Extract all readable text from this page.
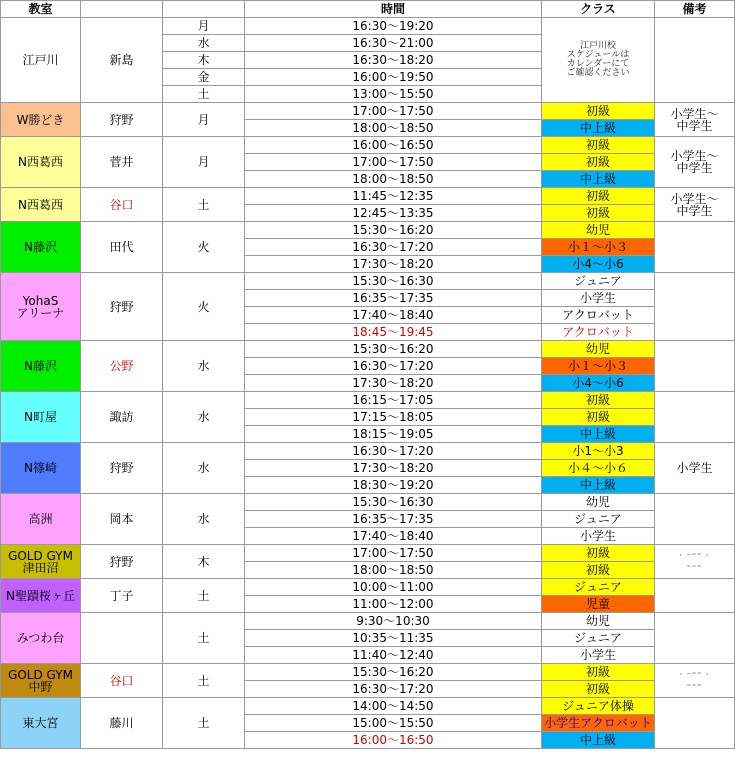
教室			時間	クラス	備考
江戸川	新島	月	16:30～19:20	江戸川校
スケジュールは
カレンダーにて
ご確認ください	
		水	16:30～21:00		
		木	16:30～18:20		
		金	16:00～19:50		
		土	13:00～15:50		
W勝どき	狩野	月	17:00～17:50	初級	小学生～
中学生
			18:00～18:50	中上級	
N西葛西	菅井	月	16:00～16:50	初級	小学生～
中学生
			17:00～17:50	初級	
			18:00～18:50	中上級	
N西葛西	谷口	土	11:45～12:35	初級	小学生～
中学生
			12:45～13:35	初級	
N藤沢	田代	火	15:30～16:20	幼児	
			16:30～17:20	小１～小３	
			17:30～18:20	小4～小6	
YohaS
アリーナ	狩野	火	15:30～16:30	ジュニア	
			16:35～17:35	小学生	
			17:40～18:40	アクロバット	
			18:45～19:45	アクロバット	
N藤沢	公野	水	15:30～16:20	幼児	
			16:30～17:20	小１～小３	
			17:30～18:20	小4～小6	
N町屋	諏訪	水	16:15～17:05	初級	
			17:15～18:05	初級	
			18:15～19:05	中上級	
N篠崎	狩野	水	16:30～17:20	小1～小3	小学生
			17:30～18:20	小４～小６	
			18:30～19:20	中上級	
高洲	岡本	水	15:30～16:30	幼児	
			16:35～17:35	ジュニア	
			17:40～18:40	小学生	
GOLD GYM
津田沼	狩野	木	17:00～17:50	初級	· ⁻⁼⁼ ·
⁼⁼⁼
			18:00～18:50	初級	
N聖蹟桜ヶ丘	丁子	土	10:00～11:00	ジュニア	
			11:00～12:00	児童	
みつわ台		土	9:30～10:30	幼児	
			10:35～11:35	ジュニア	
			11:40～12:40	小学生	
GOLD GYM
中野	谷口	土	15:30～16:20	初級	· ⁻⁼⁼ ·
⁼⁼⁼
			16:30～17:20	初級	
東大宮	藤川	土	14:00～14:50	ジュニア体操	
			15:00～15:50	小学生アクロバット	
			16:00～16:50	中上級	
